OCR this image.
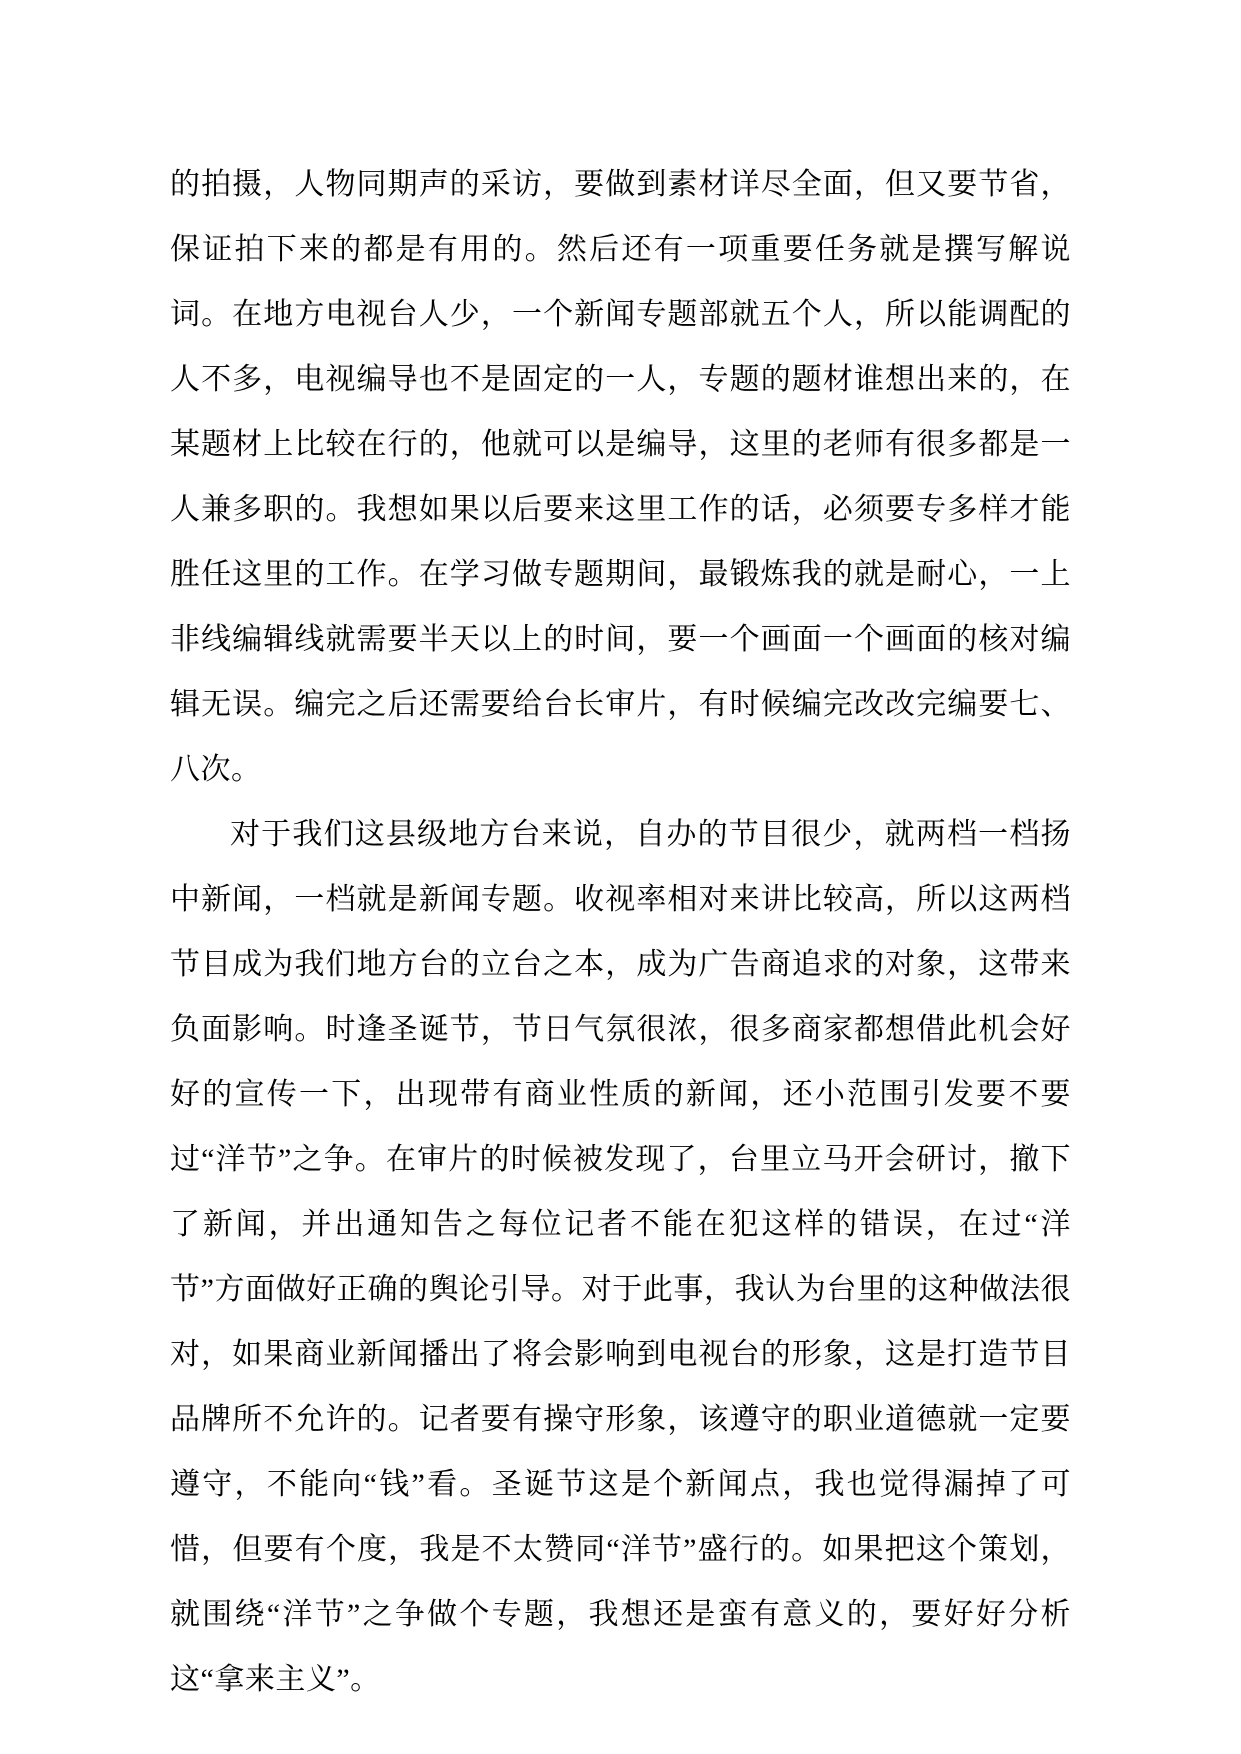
的拍摄，人物同期声的采访，要做到素材详尽全面，但又要节省，保证拍下来的都是有用的。然后还有一项重要任务就是撰写解说词。在地方电视台人少，一个新闻专题部就五个人，所以能调配的人不多，电视编导也不是固定的一人，专题的题材谁想出来的，在某题材上比较在行的，他就可以是编导，这里的老师有很多都是一人兼多职的。我想如果以后要来这里工作的话，必须要专多样才能胜任这里的工作。在学习做专题期间，最锻炼我的就是耐心，一上非线编辑线就需要半天以上的时间，要一个画面一个画面的核对编辑无误。编完之后还需要给台长审片，有时候编完改改完编要七、八次。

对于我们这县级地方台来说，自办的节目很少，就两档一档扬中新闻，一档就是新闻专题。收视率相对来讲比较高，所以这两档节目成为我们地方台的立台之本，成为广告商追求的对象，这带来负面影响。时逢圣诞节，节日气氛很浓，很多商家都想借此机会好好的宣传一下，出现带有商业性质的新闻，还小范围引发要不要过“洋节”之争。在审片的时候被发现了，台里立马开会研讨，撤下了新闻，并出通知告之每位记者不能在犯这样的错误，在过“洋节”方面做好正确的舆论引导。对于此事，我认为台里的这种做法很对，如果商业新闻播出了将会影响到电视台的形象，这是打造节目品牌所不允许的。记者要有操守形象，该遵守的职业道德就一定要遵守，不能向“钱”看。圣诞节这是个新闻点，我也觉得漏掉了可惜，但要有个度，我是不太赞同“洋节”盛行的。如果把这个策划，就围绕“洋节”之争做个专题，我想还是蛮有意义的，要好好分析这“拿来主义”。
